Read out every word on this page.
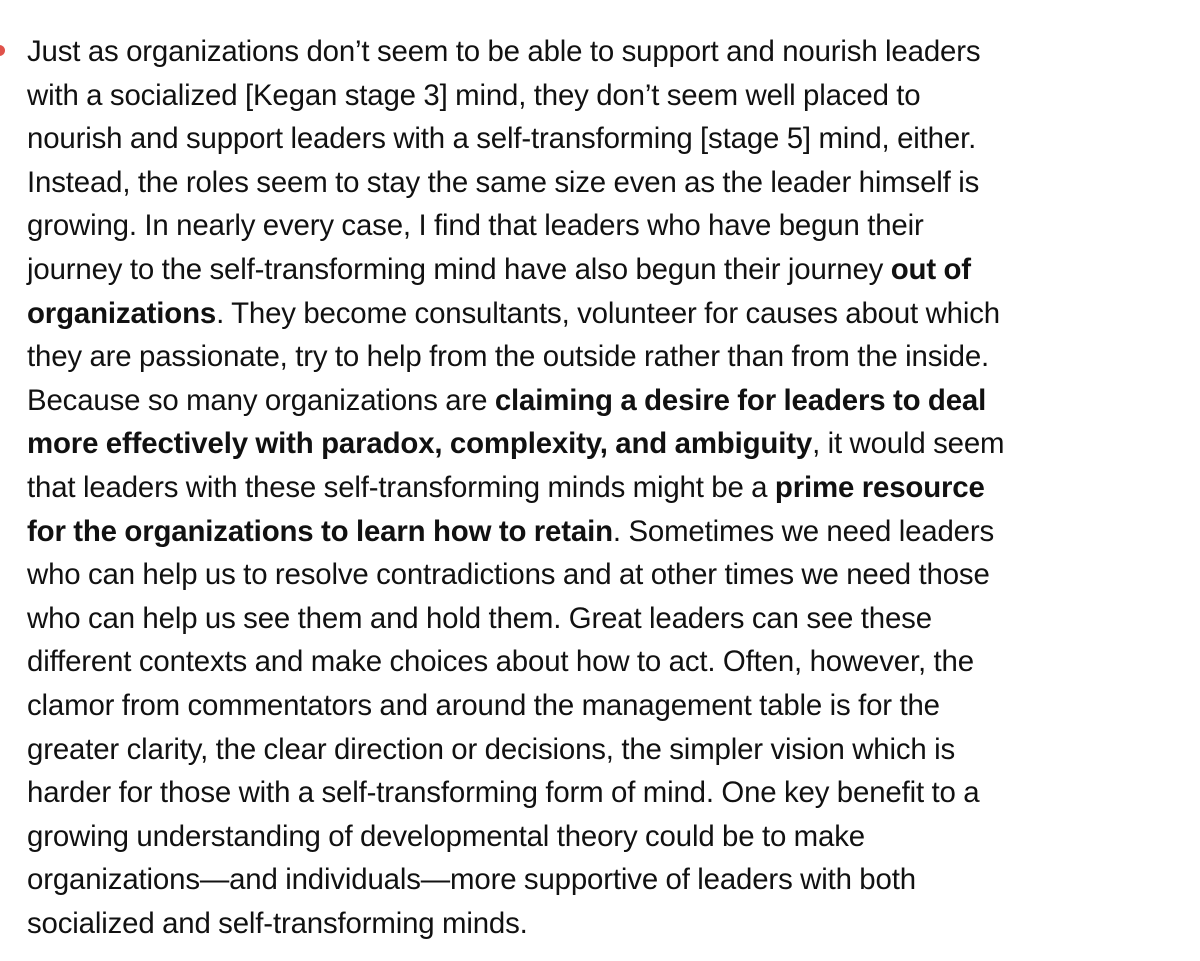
Just as organizations don’t seem to be able to support and nourish leaders
with a socialized [Kegan stage 3] mind, they don’t seem well placed to
nourish and support leaders with a self-transforming [stage 5] mind, either.
Instead, the roles seem to stay the same size even as the leader himself is
growing. In nearly every case, I find that leaders who have begun their
journey to the self-transforming mind have also begun their journey out of
organizations. They become consultants, volunteer for causes about which
they are passionate, try to help from the outside rather than from the inside.
Because so many organizations are claiming a desire for leaders to deal
more effectively with paradox, complexity, and ambiguity, it would seem
that leaders with these self-transforming minds might be a prime resource
for the organizations to learn how to retain. Sometimes we need leaders
who can help us to resolve contradictions and at other times we need those
who can help us see them and hold them. Great leaders can see these
different contexts and make choices about how to act. Often, however, the
clamor from commentators and around the management table is for the
greater clarity, the clear direction or decisions, the simpler vision which is
harder for those with a self-transforming form of mind. One key benefit to a
growing understanding of developmental theory could be to make
organizations—and individuals—more supportive of leaders with both
socialized and self-transforming minds.
